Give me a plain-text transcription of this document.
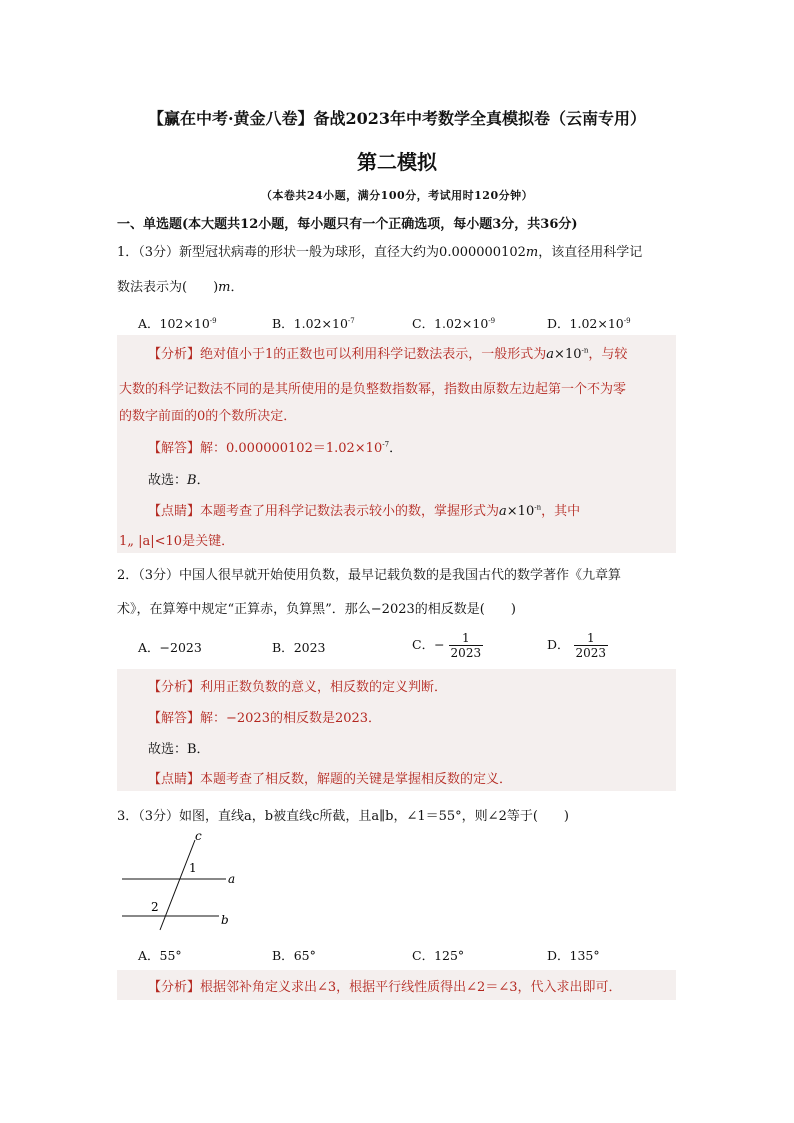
【赢在中考·黄金八卷】备战2023年中考数学全真模拟卷（云南专用）
第二模拟
（本卷共24小题，满分100分，考试用时120分钟）
一、单选题(本大题共12小题，每小题只有一个正确选项，每小题3分，共36分)
1．（3分）新型冠状病毒的形状一般为球形，直径大约为0.000000102m，该直径用科学记
数法表示为(　　)m．
A．$102\times 10^{-9}$	B．$1.02\times 10^{-7}$	C．$1.02\times 10^{-9}$	D．$1.02\times 10^{-9}$
【分析】绝对值小于1的正数也可以利用科学记数法表示，一般形式为$a\times 10^{-n}$，与较
大数的科学记数法不同的是其所使用的是负整数指数幂，指数由原数左边起第一个不为零
的数字前面的0的个数所决定．
【解答】解：$0.000000102=1.02\times 10^{-7}$．
故选：B．
【点睛】本题考查了用科学记数法表示较小的数，掌握形式为$a\times 10^{-n}$，其中
1„ |a|<10是关键．
2．（3分）中国人很早就开始使用负数，最早记载负数的是我国古代的数学著作《九章算
术》，在算筹中规定“正算赤，负算黑”．那么−2023的相反数是(　　)
A．−2023	B．2023	C．− $\frac{1}{2023}$	D． $\frac{1}{2023}$
【分析】利用正数负数的意义，相反数的定义判断．
【解答】解：−2023的相反数是2023．
故选：B．
【点睛】本题考查了相反数，解题的关键是掌握相反数的定义．
3．（3分）如图，直线a，b被直线c所截，且a∥b，∠1＝55°，则∠2等于(　　)
c
a
b
1
2
A．55°	B．65°	C．125°	D．135°
【分析】根据邻补角定义求出∠3，根据平行线性质得出∠2＝∠3，代入求出即可．
